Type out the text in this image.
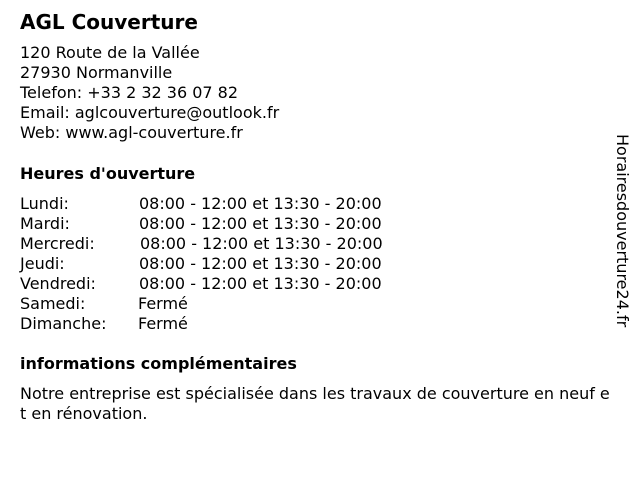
AGL Couverture
120 Route de la Vallée
27930 Normanville
Telefon: +33 2 32 36 07 82
Email: aglcouverture@outlook.fr
Web: www.agl-couverture.fr
Heures d'ouverture
Lundi:	08:00 - 12:00 et 13:30 - 20:00
Mardi:	08:00 - 12:00 et 13:30 - 20:00
Mercredi:	08:00 - 12:00 et 13:30 - 20:00
Jeudi:	08:00 - 12:00 et 13:30 - 20:00
Vendredi:	08:00 - 12:00 et 13:30 - 20:00
Samedi:	Fermé
Dimanche: Fermé
informations complémentaires
Notre entreprise est spécialisée dans les travaux de couverture en neuf et en rénovation.
Horairesdouverture24.fr
